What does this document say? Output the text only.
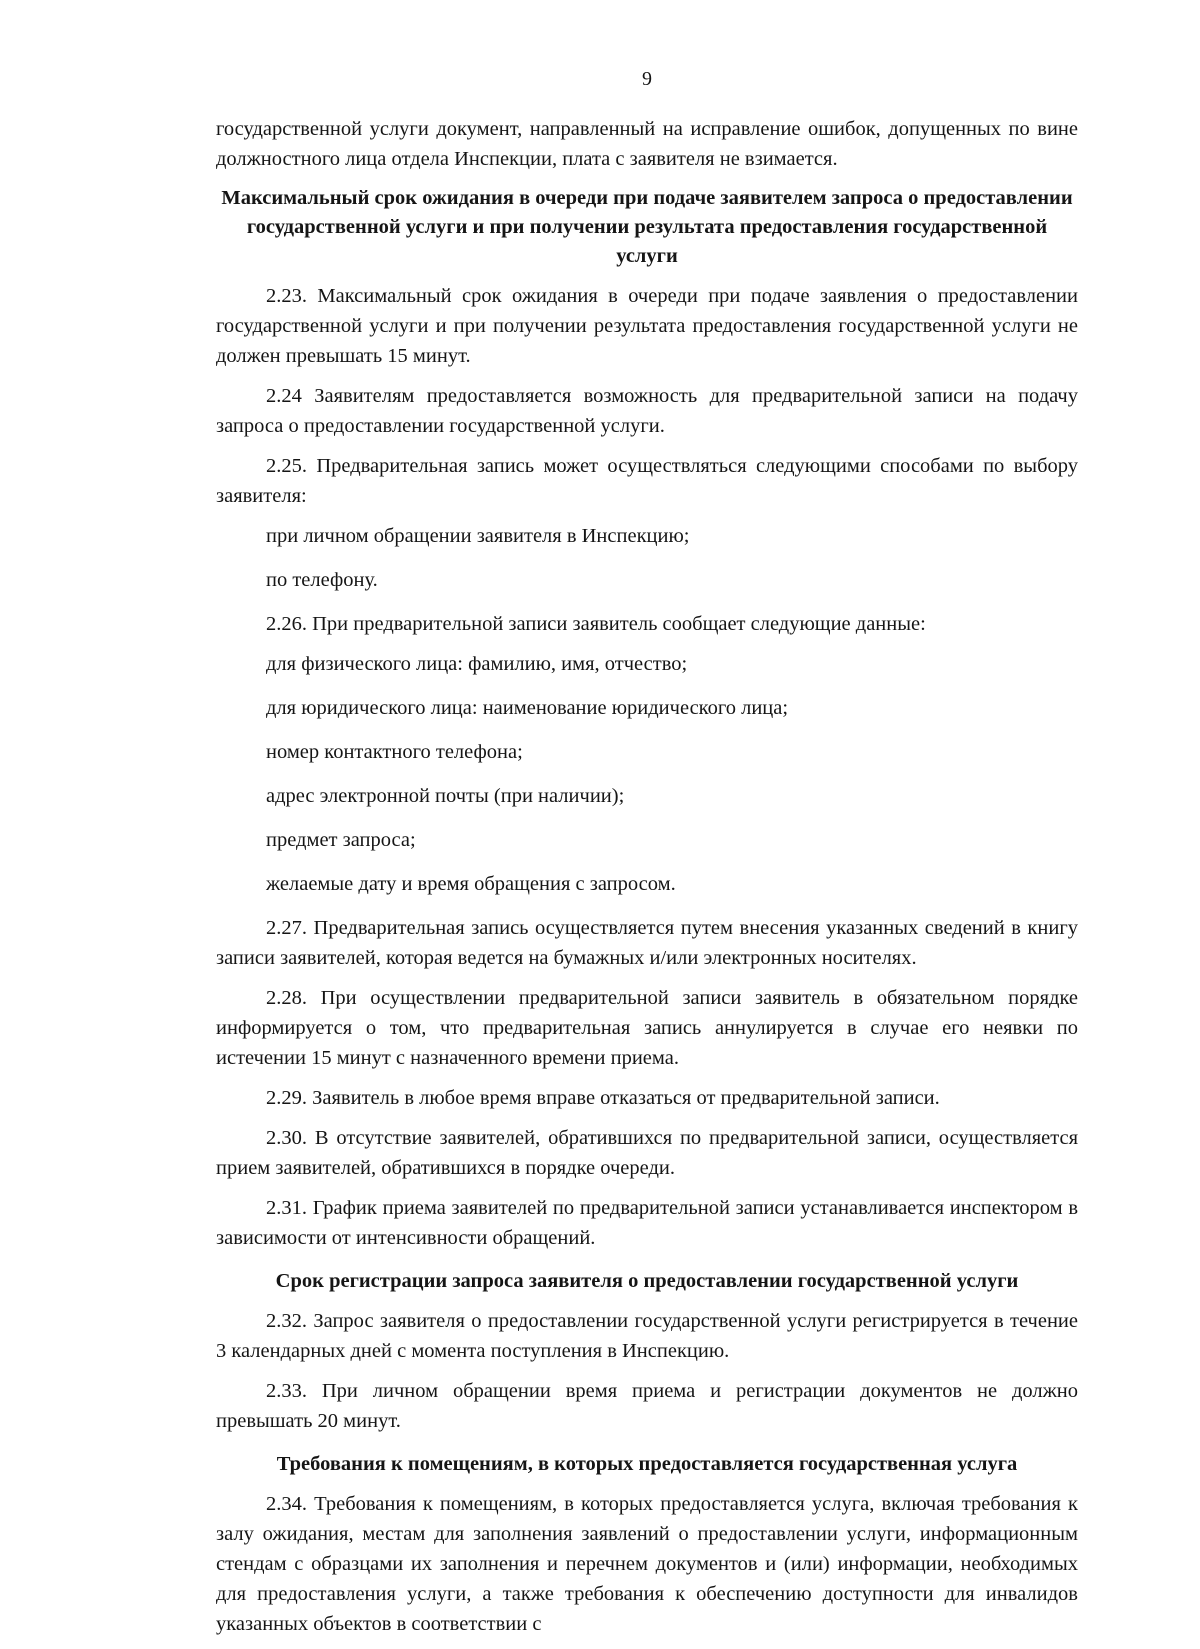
9

государственной услуги документ, направленный на исправление ошибок, допущенных по вине должностного лица отдела Инспекции, плата с заявителя не взимается.

Максимальный срок ожидания в очереди при подаче заявителем запроса о предоставлении государственной услуги и при получении результата предоставления государственной услуги

2.23. Максимальный срок ожидания в очереди при подаче заявления о предоставлении государственной услуги и при получении результата предоставления государственной услуги не должен превышать 15 минут.

2.24 Заявителям предоставляется возможность для предварительной записи на подачу запроса о предоставлении государственной услуги.

2.25. Предварительная запись может осуществляться следующими способами по выбору заявителя:

при личном обращении заявителя в Инспекцию;

по телефону.

2.26. При предварительной записи заявитель сообщает следующие данные:

для физического лица: фамилию, имя, отчество;

для юридического лица: наименование юридического лица;

номер контактного телефона;

адрес электронной почты (при наличии);

предмет запроса;

желаемые дату и время обращения с запросом.

2.27. Предварительная запись осуществляется путем внесения указанных сведений в книгу записи заявителей, которая ведется на бумажных и/или электронных носителях.

2.28. При осуществлении предварительной записи заявитель в обязательном порядке информируется о том, что предварительная запись аннулируется в случае его неявки по истечении 15 минут с назначенного времени приема.

2.29. Заявитель в любое время вправе отказаться от предварительной записи.

2.30. В отсутствие заявителей, обратившихся по предварительной записи, осуществляется прием заявителей, обратившихся в порядке очереди.

2.31. График приема заявителей по предварительной записи устанавливается инспектором в зависимости от интенсивности обращений.

Срок регистрации запроса заявителя о предоставлении государственной услуги

2.32. Запрос заявителя о предоставлении государственной услуги регистрируется в течение 3 календарных дней с момента поступления в Инспекцию.

2.33. При личном обращении время приема и регистрации документов не должно превышать 20 минут.

Требования к помещениям, в которых предоставляется государственная услуга

2.34. Требования к помещениям, в которых предоставляется услуга, включая требования к залу ожидания, местам для заполнения заявлений о предоставлении услуги, информационным стендам с образцами их заполнения и перечнем документов и (или) информации, необходимых для предоставления услуги, а также требования к обеспечению доступности для инвалидов указанных объектов в соответствии с
